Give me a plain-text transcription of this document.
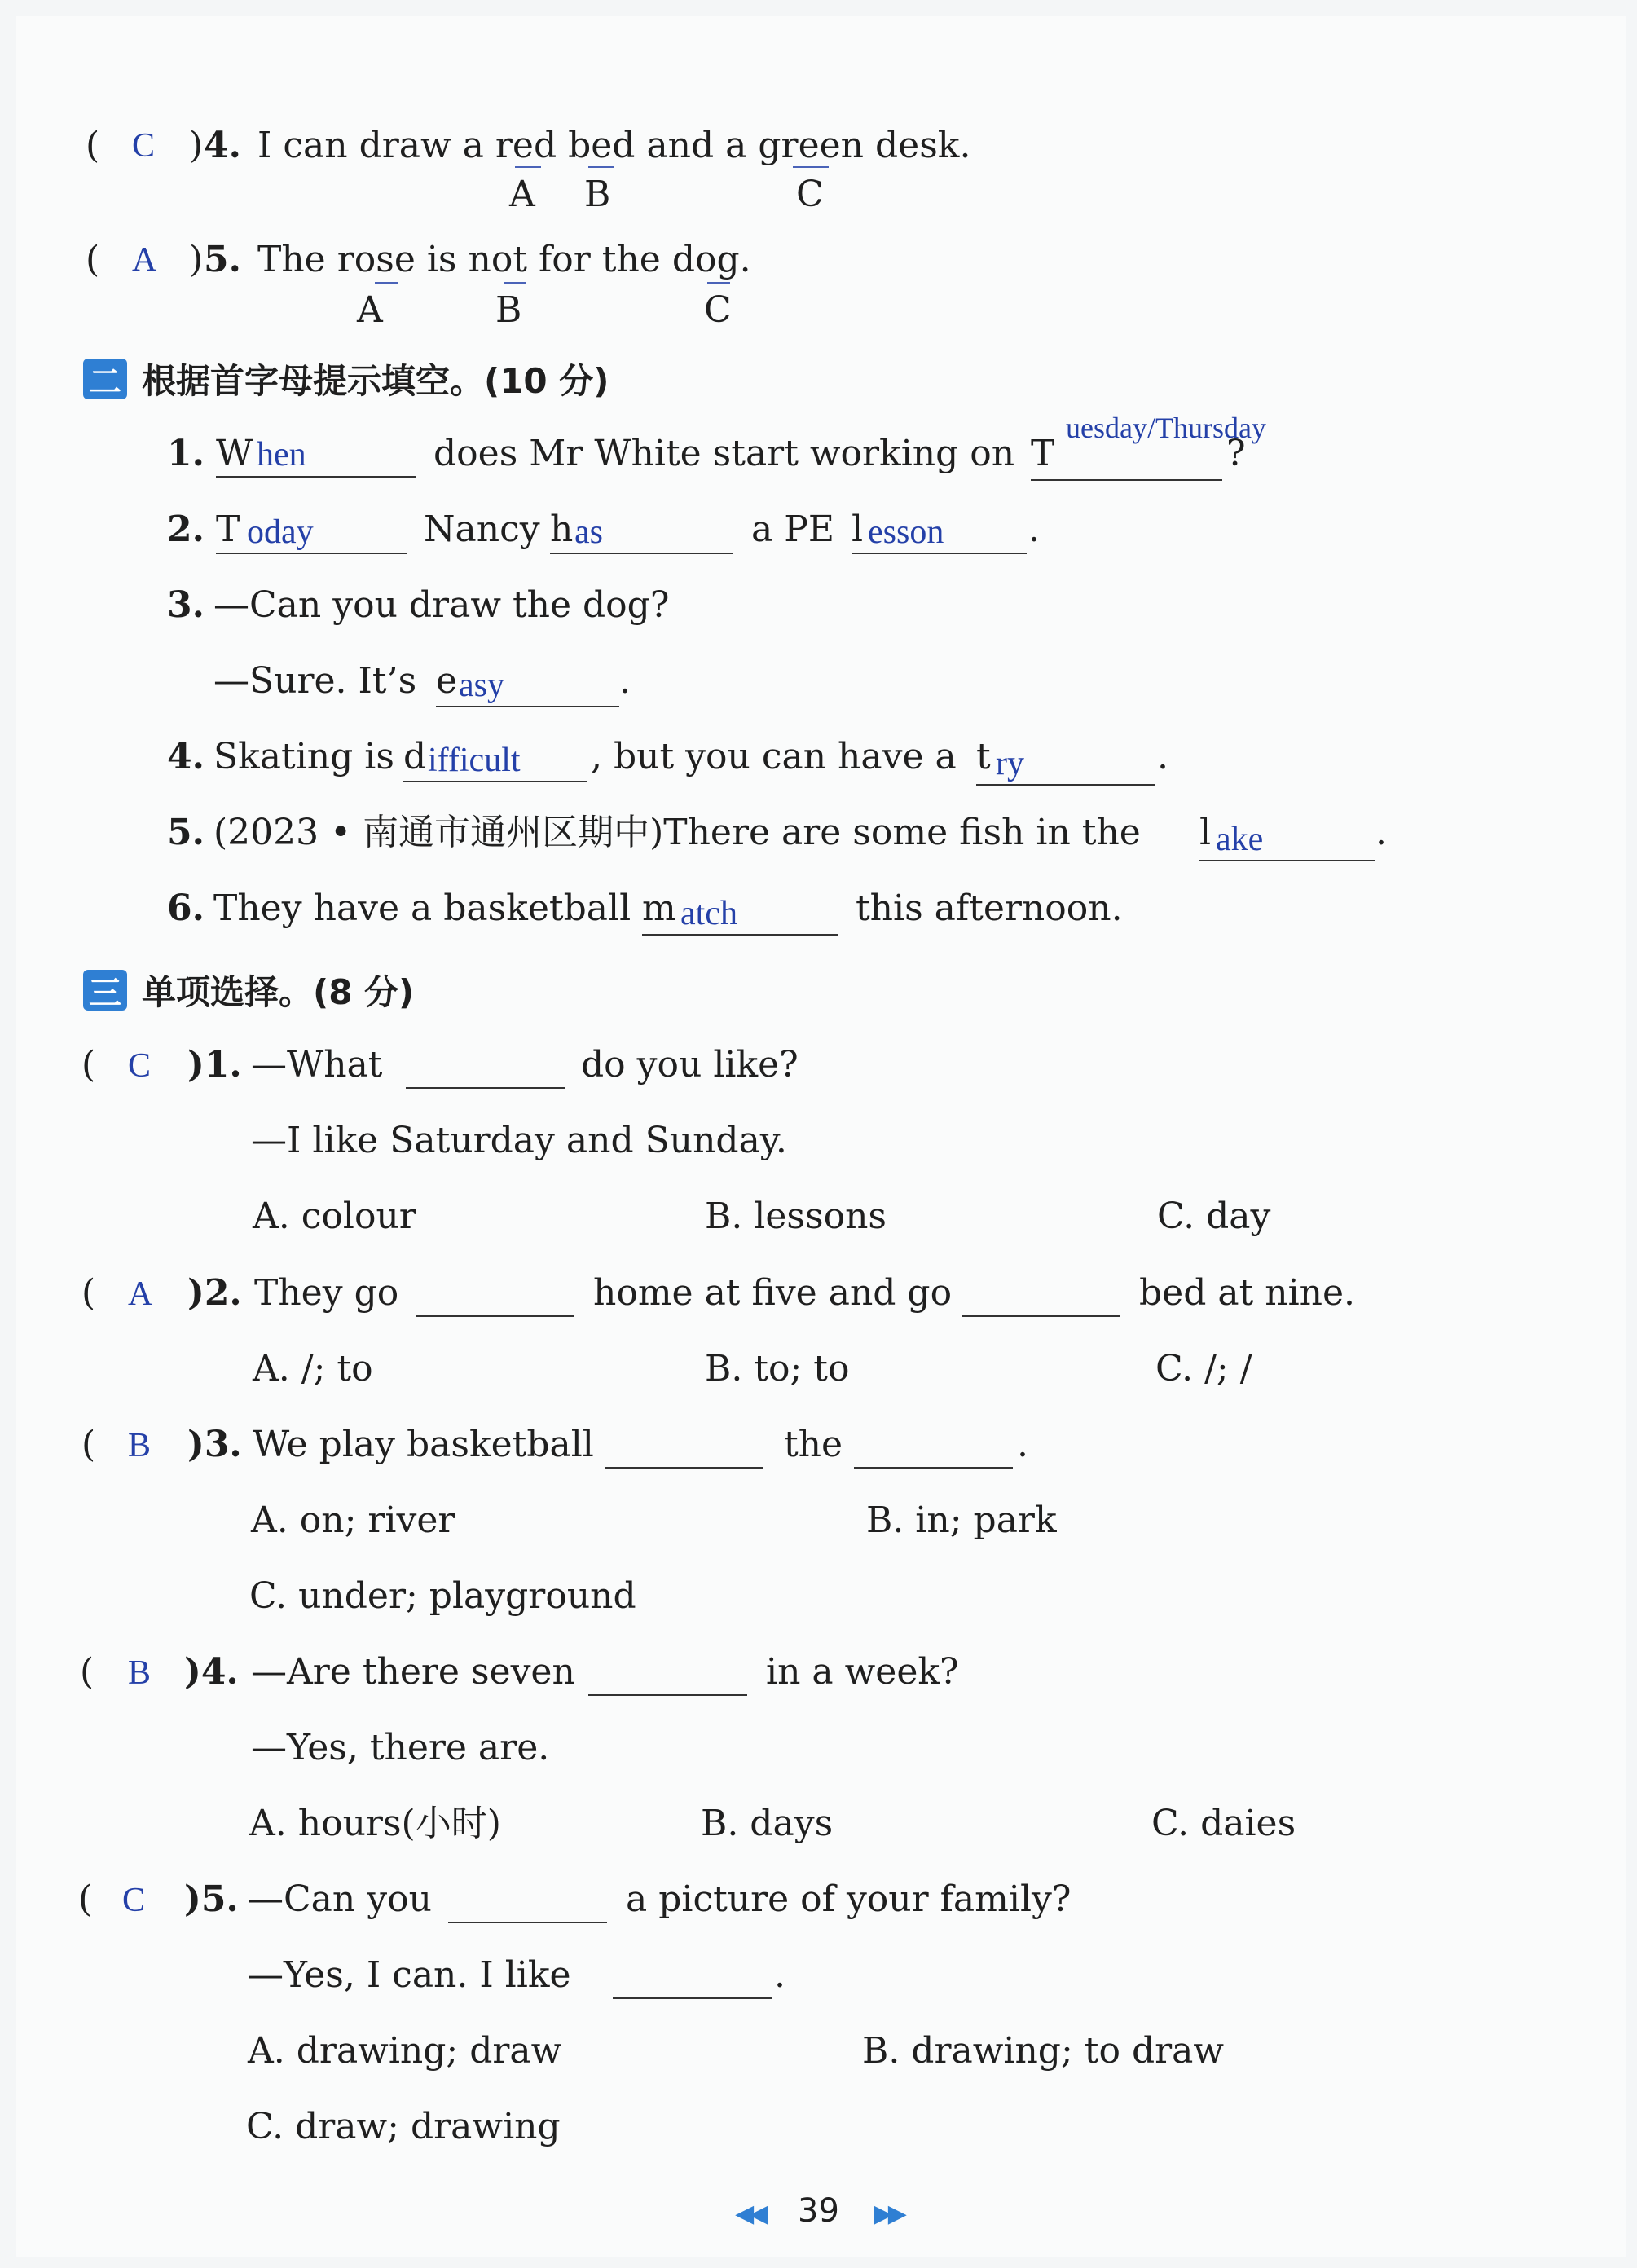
( C ) 4. I can draw a red bed and a green desk.
A B	C
( A ) 5. The rose is not for the dog.
A	B	C
二 根据首字母提示填空。(10 分)
1. W hen	does Mr White start working on T
uesday/Thursday
?
2. T oday	Nancy h as	a PE l esson .
3. —Can you draw the dog?
—Sure. It’s e asy	.
4. Skating is d ifficult , but you can have a t ry	.
5. (2023 • 南通市通州区期中)There are some fish in the l ake	.
6. They have a basketball m atch	this afternoon.
三 单项选择。(8 分)
( C )1. —What	do you like?
—I like Saturday and Sunday.
A. colour	B. lessons	C. day
( A )2. They go	home at five and go	bed at nine.
A. /; to	B. to; to	C. /; /
( B )3. We play basketball	the	.
A. on; river	B. in; park
C. under; playground
( B )4. —Are there seven	in a week?
—Yes, there are.
A. hours(小时)	B. days	C. daies
( C )5. —Can you	a picture of your family?
—Yes, I can. I like	.
A. drawing; draw	B. drawing; to draw
C. draw; drawing
◀◀ 39 ▶▶
